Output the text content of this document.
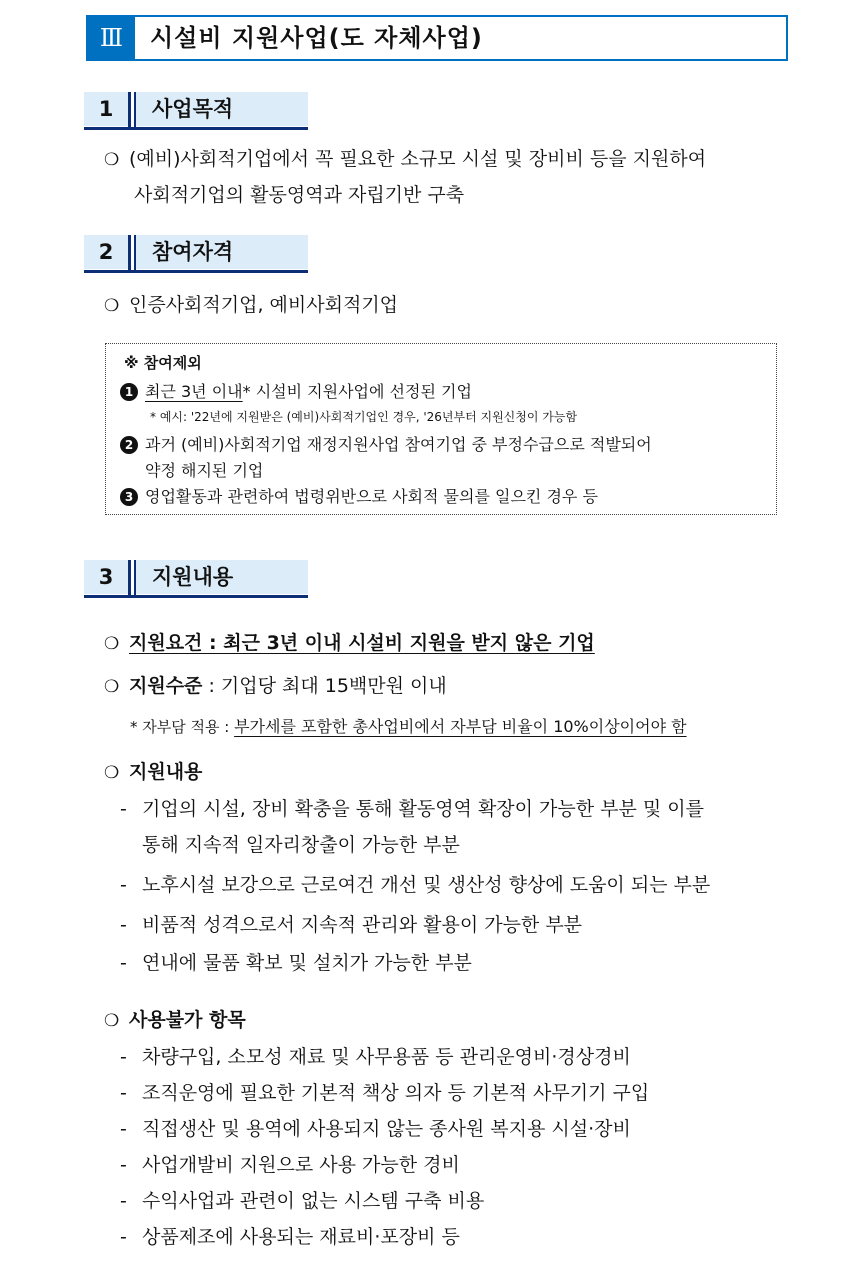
Ⅲ	시설비 지원사업(도 자체사업)
1	사업목적
❍ (예비)사회적기업에서 꼭 필요한 소규모 시설 및 장비비 등을 지원하여
사회적기업의 활동영역과 자립기반 구축
2	참여자격
❍ 인증사회적기업, 예비사회적기업
※ 참여제외
1 최근 3년 이내* 시설비 지원사업에 선정된 기업
* 예시: '22년에 지원받은 (예비)사회적기업인 경우, '26년부터 지원신청이 가능함
2 과거 (예비)사회적기업 재정지원사업 참여기업 중 부정수급으로 적발되어
약정 해지된 기업
3 영업활동과 관련하여 법령위반으로 사회적 물의를 일으킨 경우 등
3	지원내용
❍ 지원요건 : 최근 3년 이내 시설비 지원을 받지 않은 기업
❍ 지원수준 : 기업당 최대 15백만원 이내
* 자부담 적용 : 부가세를 포함한 총사업비에서 자부담 비율이 10%이상이어야 함
❍ 지원내용
- 기업의 시설, 장비 확충을 통해 활동영역 확장이 가능한 부분 및 이를
통해 지속적 일자리창출이 가능한 부분
- 노후시설 보강으로 근로여건 개선 및 생산성 향상에 도움이 되는 부분
- 비품적 성격으로서 지속적 관리와 활용이 가능한 부분
- 연내에 물품 확보 및 설치가 가능한 부분
❍ 사용불가 항목
- 차량구입, 소모성 재료 및 사무용품 등 관리운영비·경상경비
- 조직운영에 필요한 기본적 책상 의자 등 기본적 사무기기 구입
- 직접생산 및 용역에 사용되지 않는 종사원 복지용 시설·장비
- 사업개발비 지원으로 사용 가능한 경비
- 수익사업과 관련이 없는 시스템 구축 비용
- 상품제조에 사용되는 재료비·포장비 등
